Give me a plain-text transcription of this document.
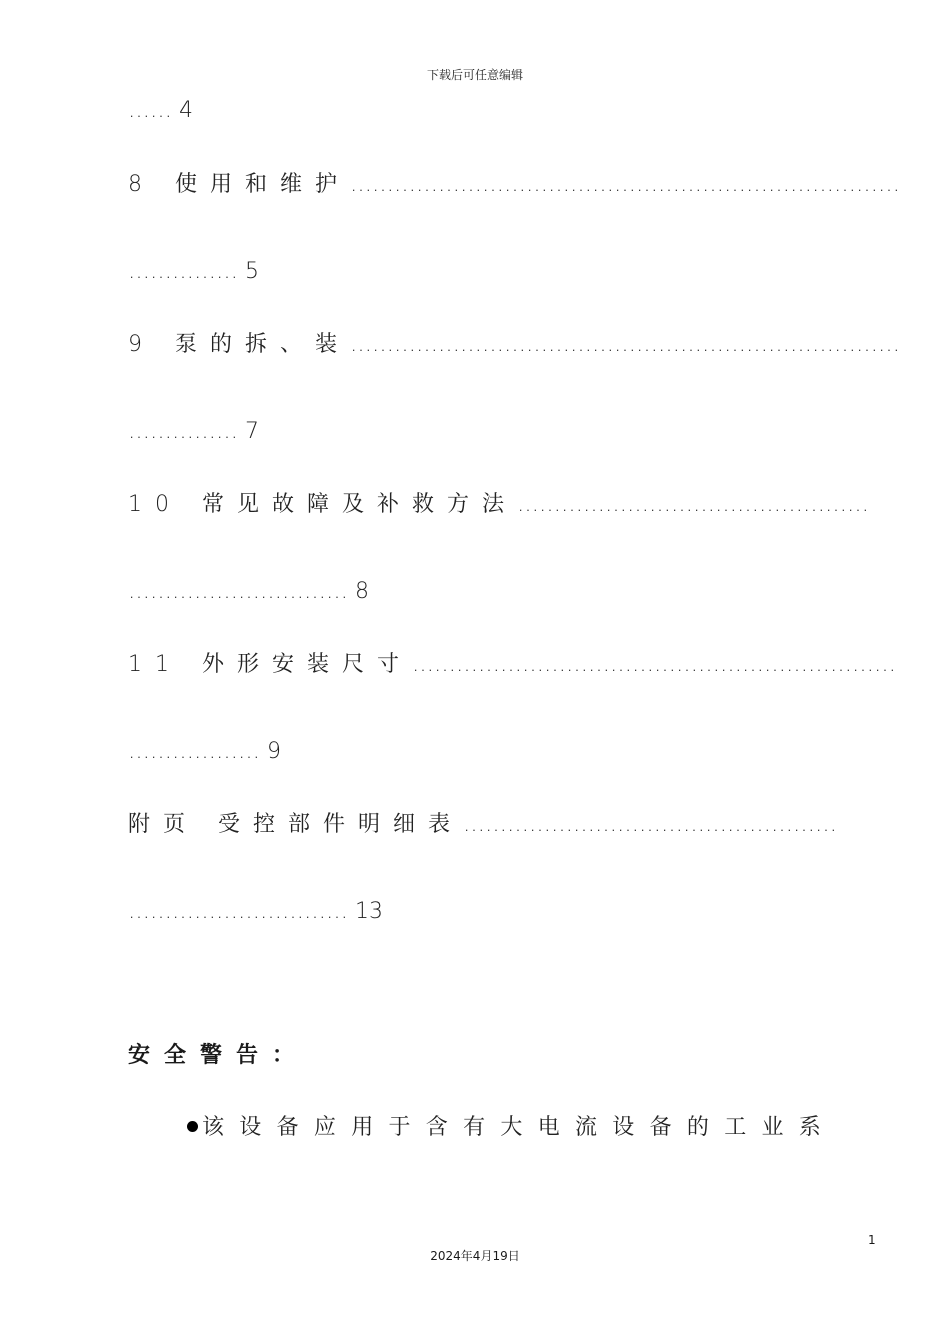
下载后可任意编辑
…… 4
8 使用和维护…………………………………………………………………
…………… 5
9 泵的拆、装…………………………………………………………………
…………… 7
10 常见故障及补救方法…………………………………………
………………………… 8
11 外形安装尺寸…………………………………………………………
……………… 9
附页 受控部件明细表……………………………………………
………………………… 13
安全警告：
该设备应用于含有大电流设备的工业系
1
2024年4月19日
